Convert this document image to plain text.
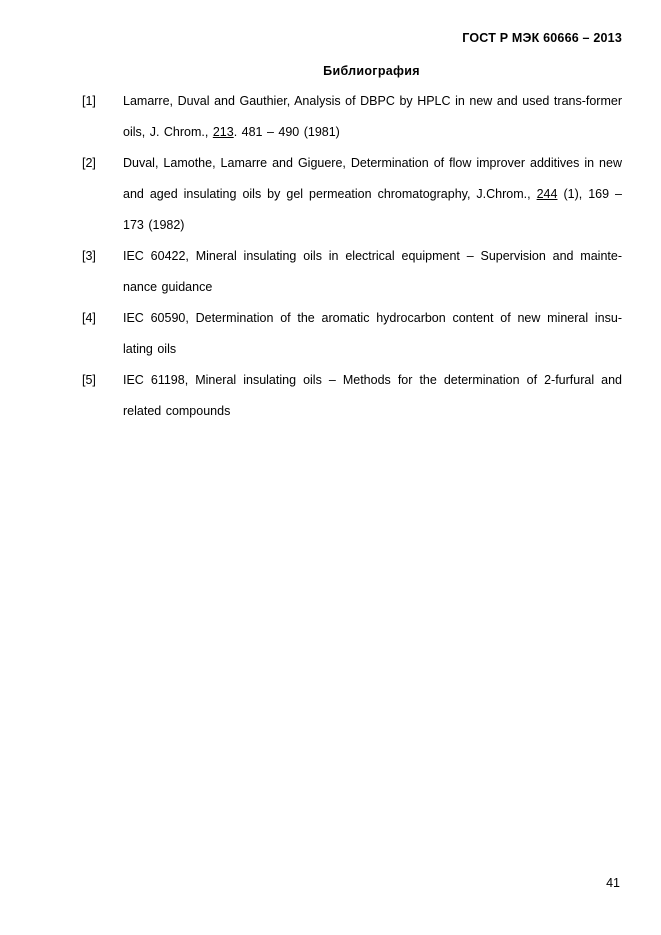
ГОСТ Р МЭК 60666 – 2013
Библиография
[1]	Lamarre, Duval and Gauthier, Analysis of DBPC by HPLC in new and used trans-former oils, J. Chrom., 213. 481 – 490 (1981)
[2]	Duval, Lamothe, Lamarre and Giguere, Determination of flow improver additives in new and aged insulating oils by gel permeation chromatography, J.Chrom., 244 (1), 169 – 173 (1982)
[3]	IEC 60422, Mineral insulating oils in electrical equipment – Supervision and mainte-nance guidance
[4]	IEC 60590, Determination of the aromatic hydrocarbon content of new mineral insu-lating oils
[5]	IEC 61198, Mineral insulating oils – Methods for the determination of 2-furfural and related compounds
41
